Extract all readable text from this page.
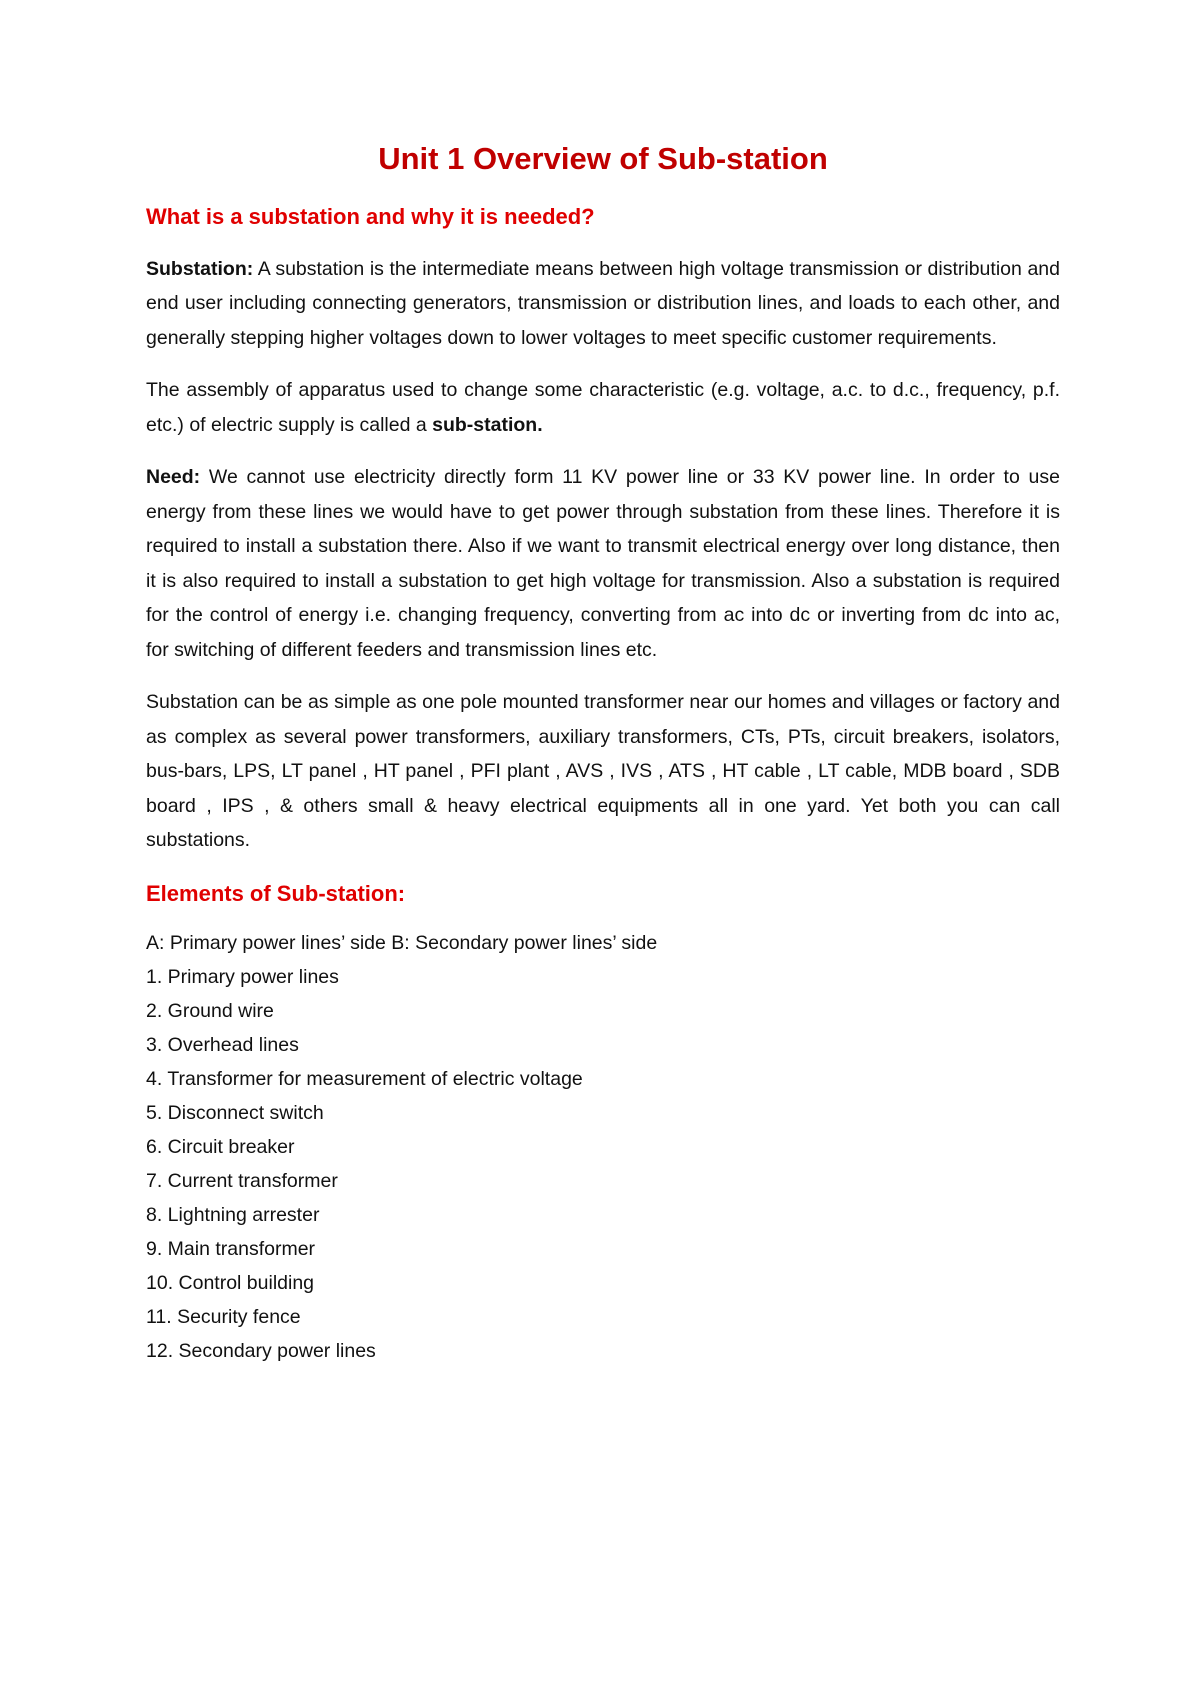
Unit 1 Overview of Sub-station
What is a substation and why it is needed?

Substation: A substation is the intermediate means between high voltage transmission or distribution and end user including connecting generators, transmission or distribution lines, and loads to each other, and generally stepping higher voltages down to lower voltages to meet specific customer requirements.

The assembly of apparatus used to change some characteristic (e.g. voltage, a.c. to d.c., frequency, p.f. etc.) of electric supply is called a sub-station.

Need: We cannot use electricity directly form 11 KV power line or 33 KV power line. In order to use energy from these lines we would have to get power through substation from these lines. Therefore it is required to install a substation there. Also if we want to transmit electrical energy over long distance, then it is also required to install a substation to get high voltage for transmission. Also a substation is required for the control of energy i.e. changing frequency, converting from ac into dc or inverting from dc into ac, for switching of different feeders and transmission lines etc.

Substation can be as simple as one pole mounted transformer near our homes and villages or factory and as complex as several power transformers, auxiliary transformers, CTs, PTs, circuit breakers, isolators, bus-bars, LPS, LT panel , HT panel , PFI plant , AVS , IVS , ATS , HT cable , LT cable, MDB board , SDB board , IPS , & others small & heavy electrical equipments all in one yard. Yet both you can call substations.

Elements of Sub-station:
A: Primary power lines’ side B: Secondary power lines’ side
1. Primary power lines
2. Ground wire
3. Overhead lines
4. Transformer for measurement of electric voltage
5. Disconnect switch
6. Circuit breaker
7. Current transformer
8. Lightning arrester
9. Main transformer
10. Control building
11. Security fence
12. Secondary power lines
